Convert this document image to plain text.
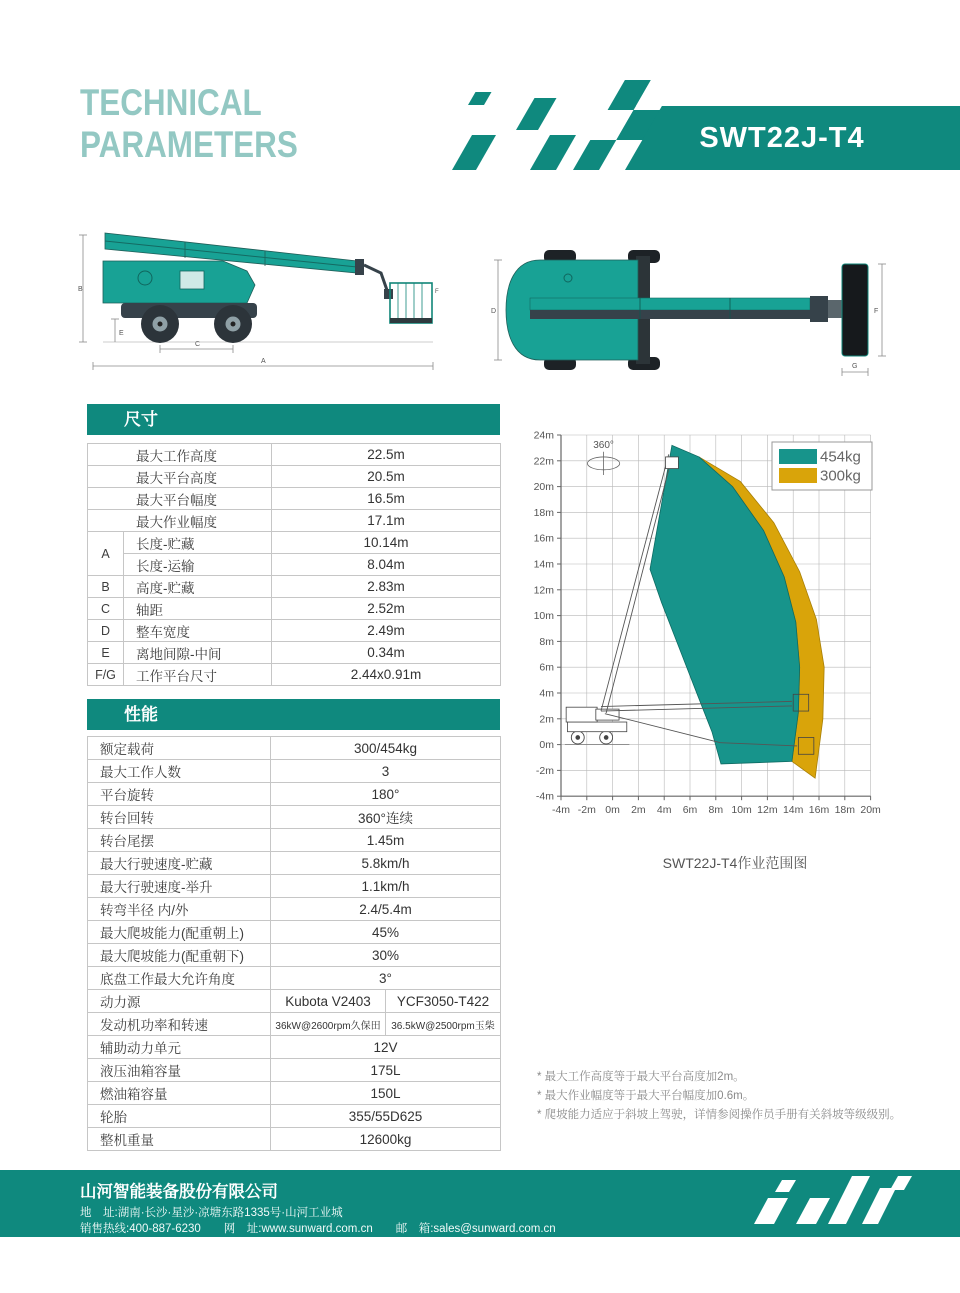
TECHNICAL
PARAMETERS	SWT22J-T4
B
A
C
E
F
D	F
G
尺寸
最大工作高度		22.5m
最大平台高度		20.5m
最大平台幅度		16.5m
最大作业幅度		17.1m
A	长度-贮藏	10.14m
	长度-运输	8.04m
B	高度-贮藏	2.83m
C	轴距	2.52m
D	整车宽度	2.49m
E	离地间隙-中间	0.34m
F/G	工作平台尺寸	2.44x0.91m
性能
额定载荷	300/454kg	
最大工作人数	3	
平台旋转	180°	
转台回转	360°连续	
转台尾摆	1.45m	
最大行驶速度-贮藏	5.8km/h	
最大行驶速度-举升	1.1km/h	
转弯半径 内/外	2.4/5.4m	
最大爬坡能力(配重朝上)	45%	
最大爬坡能力(配重朝下)	30%	
底盘工作最大允许角度	3°	
动力源	Kubota V2403	YCF3050-T422
发动机功率和转速	36kW@2600rpm久保田	36.5kW@2500rpm玉柴
辅助动力单元	12V	
液压油箱容量	175L	
燃油箱容量	150L	
轮胎	355/55D625	
整机重量	12600kg	
24m
22m
20m
18m
16m
14m
12m
10m
8m
6m
4m
2m
0m
-2m
-4m
-4m -2m 0m 2m 4m 6m 8m 10m 12m 14m 16m 18m 20m
360°
454kg
300kg
SWT22J-T4作业范围图
* 最大工作高度等于最大平台高度加2m。
* 最大作业幅度等于最大平台幅度加0.6m。
* 爬坡能力适应于斜坡上驾驶，详情参阅操作员手册有关斜坡等级级别。
山河智能装备股份有限公司
地　址:湖南·长沙·星沙·凉塘东路1335号·山河工业城
销售热线:400-887-6230　　网　址:www.sunward.com.cn　　邮　箱:sales@sunward.com.cn
